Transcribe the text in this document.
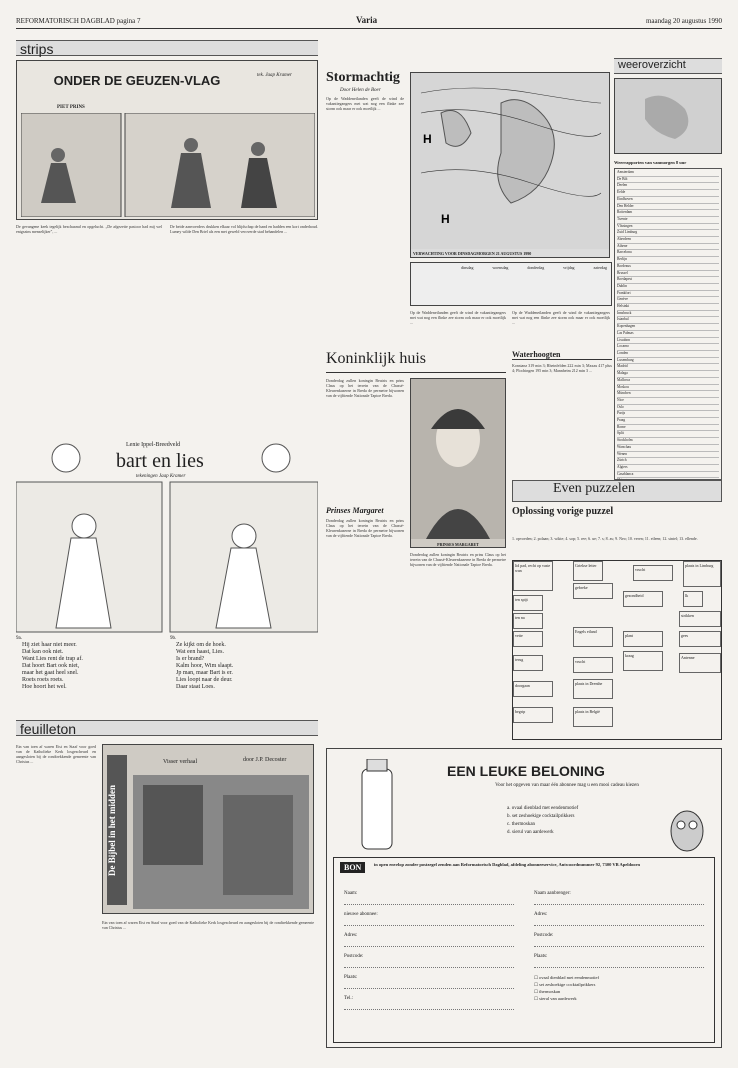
REFORMATORISCH DAGBLAD pagina 7	Varia	maandag 20 augustus 1990
strips
ONDER DE GEUZEN-VLAG
PIET PRINS
tek. Jaap Kramer
De gevangene keek tegelijk beschaamd en opgelucht. „De afgezette pastoor had mij wel enigszins menselijker”, ...
De beide aanvoerders drukken elkaar vol blijdschap de hand en hadden een kort onderhoud. Lumey wilde Den Briel als een met geweld veroverde stad behandelen ...
Lenie Ippel-Breedveld
bart en lies
tekeningen Jaap Kramer
9a.	9b.
Hij ziet haar niet meer.
Dat kan ook niet.
Want Lies rent de trap af.
Dat hoort Bart ook niet,
maar het gaat heel snel.
Roets roets roets.
Hoe hoort het wel.
Ze kijkt om de hoek.
Wat een haast, Lies.
Is er brand?
Kalm hoor, Wim slaapt.
Jp man, maar Bart is er.
Lies loopt naar de deur.
Daar staat Loes.
feuilleton
Ein van toen af waren Eist en Staaf voor goed van de Katholieke Kerk losgescheurd en aangesloten bij de rondtrekkende gemeente van Christus ...
De Bijbel in het midden
Visser verhaal	door J.P. Decoster
Ein van toen af waren Eist en Staaf voor goed van de Katholieke Kerk losgescheurd en aangesloten bij de rondtrekkende gemeente van Christus ...
Stormachtig
Door Helen de Boer
Op de Waddeneilanden geeft de wind de vakantiegangers met wat nog een flinke zee storm ook maar er ook moeilijk ...
H
H
VERWACHTING VOOR DINSDAGMORGEN 21 AUGUSTUS 1990
dinsdag	woensdag	donderdag	vrijdag	zaterdag
Op de Waddeneilanden geeft de wind de vakantiegangers met wat nog een flinke zee storm ook maar er ook moeilijk ...
Op de Waddeneilanden geeft de wind de vakantiegangers met wat nog een flinke zee storm ook maar er ook moeilijk ...
weeroverzicht
Weerrapporten van vanmorgen 8 uur
Amsterdam
De Bilt
Deelen
Eelde
Eindhoven
Den Helder
Rotterdam
Twente
Vlissingen
Zuid Limburg
Aberdeen
Athene
Barcelona
Berlijn
Bordeaux
Brussel
Boedapest
Dublin
Frankfort
Genève
Helsinki
Innsbruck
Istanbul
Kopenhagen
Las Palmas
Lissabon
Locarno
Londen
Luxemburg
Madrid
Malaga
Mallorca
Moskou
München
Nice
Oslo
Parijs
Praag
Rome
Split
Stockholm
Warschau
Wenen
Zürich
Algiers
Casablanca
Koninklijk huis
Donderdag zullen koningin Beatrix en prins Claus op het terrein van de Chassé-Kleurenkazerne in Breda de permetre bijwonen van de vijftiende Nationale Taptoe Breda.
Prinses Margaret
Donderdag zullen koningin Beatrix en prins Claus op het terrein van de Chassé-Kleurenkazerne in Breda de permetre bijwonen van de vijftiende Nationale Taptoe Breda.
PRINSES MARGARET
Donderdag zullen koningin Beatrix en prins Claus op het terrein van de Chassé-Kleurenkazerne in Breda de permetre bijwonen van de vijftiende Nationale Taptoe Breda.
Waterhoogten
Konstanz 319 min 3; Rheinfelden 222 min 3; Maxau 417 plus 4; Plochingen 195 min 3; Mannheim 212 min 3 ...
Even puzzelen
Oplossing vorige puzzel
1. opvoeden; 2. polaan; 3. wikte; 4. sop; 5. ree; 6. ue; 7. s; 8. as; 9. Neo; 10. veren; 11. eileen; 12. sintel; 13. ellende.
lid pad, recht op vaste wan
Griekse letter
vrucht
plaats in Limburg
gebreke
ten spijt
gezondheid	lk
ten na	strikken
vette
Engels eiland
plant	gees
kraag
terug	vrucht
Antenne
doorgaan	plaats in Drenthe
begrip	plaats in België
EEN LEUKE BELONING
Voor het opgeven van maar één abonnee mag u een mooi cadeau kiezen
a. ovaal dienblad met eendenmotief
b. set zeshoekige cocktailprikkers
c. thermoskan
d. sierul van aardewerk
BON	in open envelop zonder postzegel zenden aan Reformatorisch Dagblad, afdeling abonneeservice, Antwoordnummer 92, 7300 VB Apeldoorn
Naam:
nieuwe abonnee:
Adres:
Postcode:
Plaats:
Tel.:
Naam aanbrenger:
Adres:
Postcode:
Plaats:
☐ ovaal dienblad met eendenmotief
☐ set zeshoekige cocktailprikkers
☐ thermoskan
☐ sierul van aardewerk
